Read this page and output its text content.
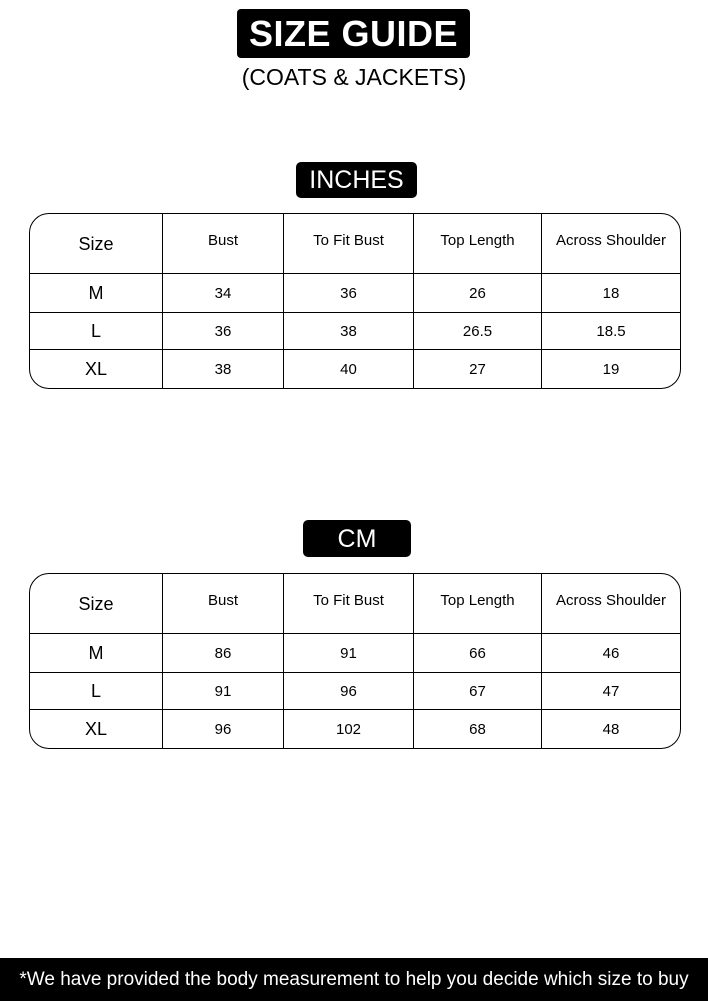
SIZE GUIDE
(COATS & JACKETS)
INCHES
Size	Bust	To Fit Bust	Top Length	Across Shoulder
M	34	36	26	18
L	36	38	26.5	18.5
XL	38	40	27	19
CM
Size	Bust	To Fit Bust	Top Length	Across Shoulder
M	86	91	66	46
L	91	96	67	47
XL	96	102	68	48
*We have provided the body measurement to help you decide which size to buy
